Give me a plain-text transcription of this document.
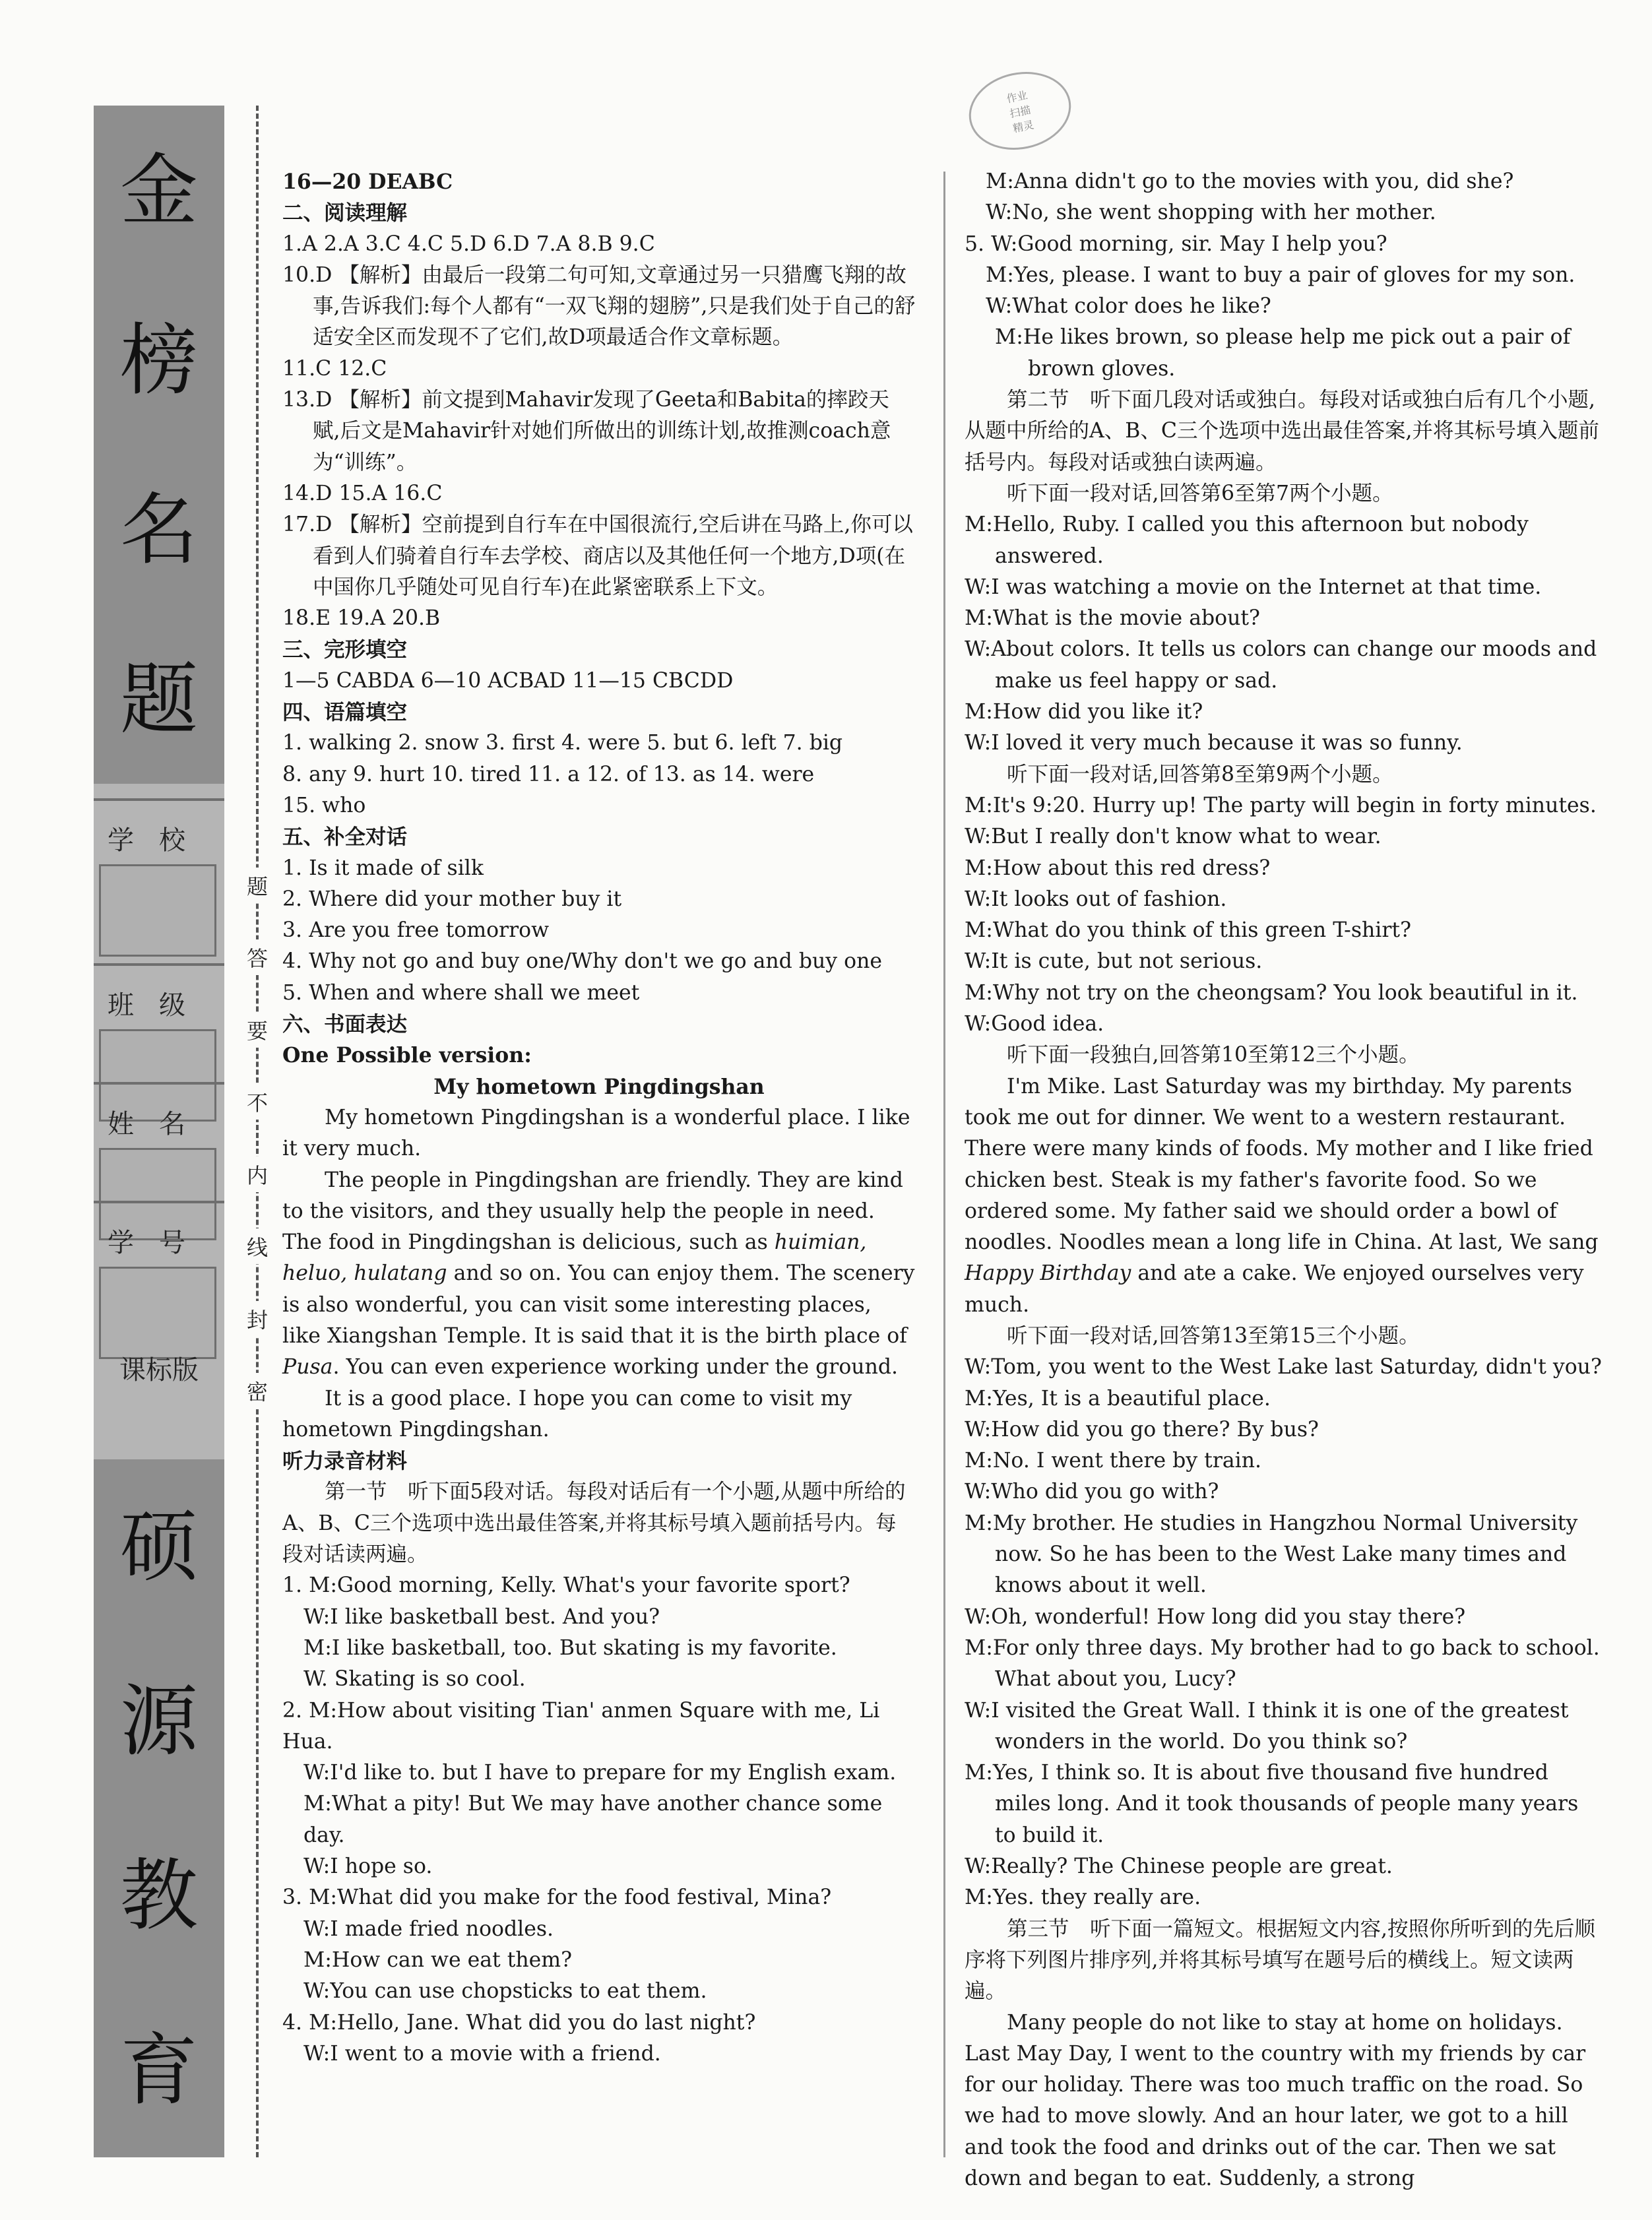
金
榜
名
题
学校
班级
姓名
学号
课标版
硕
源
教
育
题
答
要
不
内
线
封
密
作业
扫描
精灵

16—20 DEABC

二、阅读理解

1.A 2.A 3.C 4.C 5.D 6.D 7.A 8.B 9.C

10.D 【解析】由最后一段第二句可知,文章通过另一只猎鹰飞翔的故事,告诉我们:每个人都有“一双飞翔的翅膀”,只是我们处于自己的舒适安全区而发现不了它们,故D项最适合作文章标题。

11.C 12.C

13.D 【解析】前文提到Mahavir发现了Geeta和Babita的摔跤天赋,后文是Mahavir针对她们所做出的训练计划,故推测coach意为“训练”。

14.D 15.A 16.C

17.D 【解析】空前提到自行车在中国很流行,空后讲在马路上,你可以看到人们骑着自行车去学校、商店以及其他任何一个地方,D项(在中国你几乎随处可见自行车)在此紧密联系上下文。

18.E 19.A 20.B

三、完形填空

1—5 CABDA 6—10 ACBAD 11—15 CBCDD

四、语篇填空

1. walking 2. snow 3. first 4. were 5. but 6. left 7. big

8. any 9. hurt 10. tired 11. a 12. of 13. as 14. were

15. who

五、补全对话

1. Is it made of silk

2. Where did your mother buy it

3. Are you free tomorrow

4. Why not go and buy one/Why don't we go and buy one

5. When and where shall we meet

六、书面表达

One Possible version:

My hometown Pingdingshan

My hometown Pingdingshan is a wonderful place. I like it very much.

The people in Pingdingshan are friendly. They are kind to the visitors, and they usually help the people in need. The food in Pingdingshan is delicious, such as huimian, heluo, hulatang and so on. You can enjoy them. The scenery is also wonderful, you can visit some interesting places, like Xiangshan Temple. It is said that it is the birth place of Pusa. You can even experience working under the ground.

It is a good place. I hope you can come to visit my hometown Pingdingshan.

听力录音材料

第一节　听下面5段对话。每段对话后有一个小题,从题中所给的A、B、C三个选项中选出最佳答案,并将其标号填入题前括号内。每段对话读两遍。

1. M:Good morning, Kelly. What's your favorite sport?

W:I like basketball best. And you?

M:I like basketball, too. But skating is my favorite.

W. Skating is so cool.

2. M:How about visiting Tian' anmen Square with me, Li Hua.

W:I'd like to. but I have to prepare for my English exam.

M:What a pity! But We may have another chance some day.

W:I hope so.

3. M:What did you make for the food festival, Mina?

W:I made fried noodles.

M:How can we eat them?

W:You can use chopsticks to eat them.

4. M:Hello, Jane. What did you do last night?

W:I went to a movie with a friend.

M:Anna didn't go to the movies with you, did she?

W:No, she went shopping with her mother.

5. W:Good morning, sir. May I help you?

M:Yes, please. I want to buy a pair of gloves for my son.

W:What color does he like?

M:He likes brown, so please help me pick out a pair of brown gloves.

第二节　听下面几段对话或独白。每段对话或独白后有几个小题,从题中所给的A、B、C三个选项中选出最佳答案,并将其标号填入题前括号内。每段对话或独白读两遍。

听下面一段对话,回答第6至第7两个小题。

M:Hello, Ruby. I called you this afternoon but nobody answered.

W:I was watching a movie on the Internet at that time.

M:What is the movie about?

W:About colors. It tells us colors can change our moods and make us feel happy or sad.

M:How did you like it?

W:I loved it very much because it was so funny.

听下面一段对话,回答第8至第9两个小题。

M:It's 9:20. Hurry up! The party will begin in forty minutes.

W:But I really don't know what to wear.

M:How about this red dress?

W:It looks out of fashion.

M:What do you think of this green T-shirt?

W:It is cute, but not serious.

M:Why not try on the cheongsam? You look beautiful in it.

W:Good idea.

听下面一段独白,回答第10至第12三个小题。

I'm Mike. Last Saturday was my birthday. My parents took me out for dinner. We went to a western restaurant. There were many kinds of foods. My mother and I like fried chicken best. Steak is my father's favorite food. So we ordered some. My father said we should order a bowl of noodles. Noodles mean a long life in China. At last, We sang Happy Birthday and ate a cake. We enjoyed ourselves very much.

听下面一段对话,回答第13至第15三个小题。

W:Tom, you went to the West Lake last Saturday, didn't you?

M:Yes, It is a beautiful place.

W:How did you go there? By bus?

M:No. I went there by train.

W:Who did you go with?

M:My brother. He studies in Hangzhou Normal University now. So he has been to the West Lake many times and knows about it well.

W:Oh, wonderful! How long did you stay there?

M:For only three days. My brother had to go back to school. What about you, Lucy?

W:I visited the Great Wall. I think it is one of the greatest wonders in the world. Do you think so?

M:Yes, I think so. It is about five thousand five hundred miles long. And it took thousands of people many years to build it.

W:Really? The Chinese people are great.

M:Yes. they really are.

第三节　听下面一篇短文。根据短文内容,按照你所听到的先后顺序将下列图片排序列,并将其标号填写在题号后的横线上。短文读两遍。

Many people do not like to stay at home on holidays. Last May Day, I went to the country with my friends by car for our holiday. There was too much traffic on the road. So we had to move slowly. And an hour later, we got to a hill and took the food and drinks out of the car. Then we sat down and began to eat. Suddenly, a strong
